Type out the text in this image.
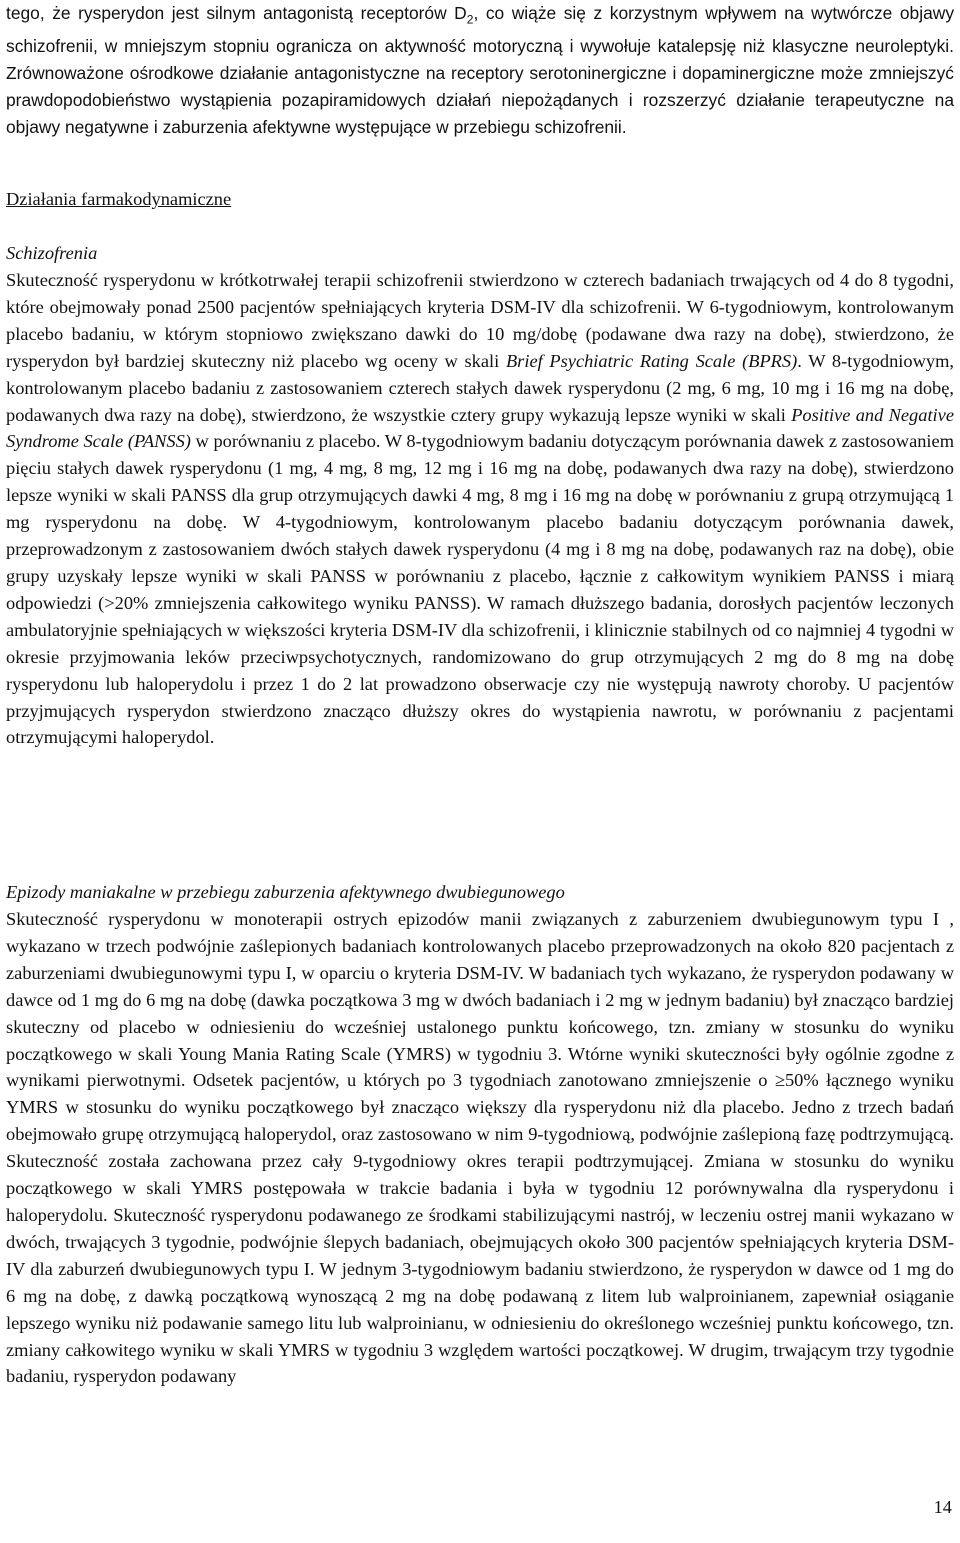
tego, że rysperydon jest silnym antagonistą receptorów $D_2$, co wiąże się z korzystnym wpływem na wytwórcze objawy schizofrenii, w mniejszym stopniu ogranicza on aktywność motoryczną i wywołuje katalepsję niż klasyczne neuroleptyki. Zrównoważone ośrodkowe działanie antagonistyczne na receptory serotoninergiczne i dopaminergiczne może zmniejszyć prawdopodobieństwo wystąpienia pozapiramidowych działań niepożądanych i rozszerzyć działanie terapeutyczne na objawy negatywne i zaburzenia afektywne występujące w przebiegu schizofrenii.

Działania farmakodynamiczne
Schizofrenia

Skuteczność rysperydonu w krótkotrwałej terapii schizofrenii stwierdzono w czterech badaniach trwających od 4 do 8 tygodni, które obejmowały ponad 2500 pacjentów spełniających kryteria DSM-IV dla schizofrenii. W 6-tygodniowym, kontrolowanym placebo badaniu, w którym stopniowo zwiększano dawki do 10 mg/dobę (podawane dwa razy na dobę), stwierdzono, że rysperydon był bardziej skuteczny niż placebo wg oceny w skali Brief Psychiatric Rating Scale (BPRS). W 8-tygodniowym, kontrolowanym placebo badaniu z zastosowaniem czterech stałych dawek rysperydonu (2 mg, 6 mg, 10 mg i 16 mg na dobę, podawanych dwa razy na dobę), stwierdzono, że wszystkie cztery grupy wykazują lepsze wyniki w skali Positive and Negative Syndrome Scale (PANSS) w porównaniu z placebo. W 8-tygodniowym badaniu dotyczącym porównania dawek z zastosowaniem pięciu stałych dawek rysperydonu (1 mg, 4 mg, 8 mg, 12 mg i 16 mg na dobę, podawanych dwa razy na dobę), stwierdzono lepsze wyniki w skali PANSS dla grup otrzymujących dawki 4 mg, 8 mg i 16 mg na dobę w porównaniu z grupą otrzymującą 1 mg rysperydonu na dobę. W 4-tygodniowym, kontrolowanym placebo badaniu dotyczącym porównania dawek, przeprowadzonym z zastosowaniem dwóch stałych dawek rysperydonu (4 mg i 8 mg na dobę, podawanych raz na dobę), obie grupy uzyskały lepsze wyniki w skali PANSS w porównaniu z placebo, łącznie z całkowitym wynikiem PANSS i miarą odpowiedzi (>20% zmniejszenia całkowitego wyniku PANSS). W ramach dłuższego badania, dorosłych pacjentów leczonych ambulatoryjnie spełniających w większości kryteria DSM-IV dla schizofrenii, i klinicznie stabilnych od co najmniej 4 tygodni w okresie przyjmowania leków przeciwpsychotycznych, randomizowano do grup otrzymujących 2 mg do 8 mg na dobę rysperydonu lub haloperydolu i przez 1 do 2 lat prowadzono obserwacje czy nie występują nawroty choroby. U pacjentów przyjmujących rysperydon stwierdzono znacząco dłuższy okres do wystąpienia nawrotu, w porównaniu z pacjentami otrzymującymi haloperydol.

Epizody maniakalne w przebiegu zaburzenia afektywnego dwubiegunowego

Skuteczność rysperydonu w monoterapii ostrych epizodów manii związanych z zaburzeniem dwubiegunowym typu I , wykazano w trzech podwójnie zaślepionych badaniach kontrolowanych placebo przeprowadzonych na około 820 pacjentach z zaburzeniami dwubiegunowymi typu I, w oparciu o kryteria DSM-IV. W badaniach tych wykazano, że rysperydon podawany w dawce od 1 mg do 6 mg na dobę (dawka początkowa 3 mg w dwóch badaniach i 2 mg w jednym badaniu) był znacząco bardziej skuteczny od placebo w odniesieniu do wcześniej ustalonego punktu końcowego, tzn. zmiany w stosunku do wyniku początkowego w skali Young Mania Rating Scale (YMRS) w tygodniu 3. Wtórne wyniki skuteczności były ogólnie zgodne z wynikami pierwotnymi. Odsetek pacjentów, u których po 3 tygodniach zanotowano zmniejszenie o ≥50% łącznego wyniku YMRS w stosunku do wyniku początkowego był znacząco większy dla rysperydonu niż dla placebo. Jedno z trzech badań obejmowało grupę otrzymującą haloperydol, oraz zastosowano w nim 9-tygodniową, podwójnie zaślepioną fazę podtrzymującą. Skuteczność została zachowana przez cały 9-tygodniowy okres terapii podtrzymującej. Zmiana w stosunku do wyniku początkowego w skali YMRS postępowała w trakcie badania i była w tygodniu 12 porównywalna dla rysperydonu i haloperydolu. Skuteczność rysperydonu podawanego ze środkami stabilizującymi nastrój, w leczeniu ostrej manii wykazano w dwóch, trwających 3 tygodnie, podwójnie ślepych badaniach, obejmujących około 300 pacjentów spełniających kryteria DSM-IV dla zaburzeń dwubiegunowych typu I. W jednym 3-tygodniowym badaniu stwierdzono, że rysperydon w dawce od 1 mg do 6 mg na dobę, z dawką początkową wynoszącą 2 mg na dobę podawaną z litem lub walproinianem, zapewniał osiąganie lepszego wyniku niż podawanie samego litu lub walproinianu, w odniesieniu do określonego wcześniej punktu końcowego, tzn. zmiany całkowitego wyniku w skali YMRS w tygodniu 3 względem wartości początkowej. W drugim, trwającym trzy tygodnie badaniu, rysperydon podawany

14
